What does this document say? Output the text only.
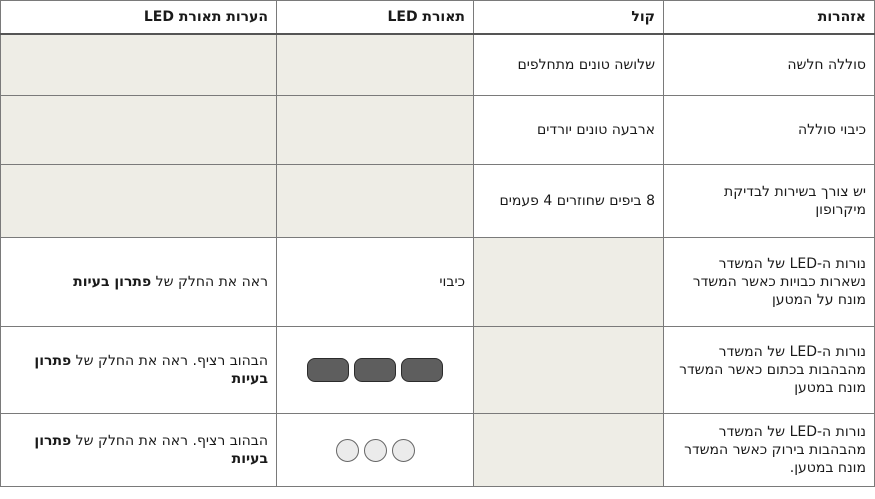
אזהרות	קול	תאורת LED	הערות תאורת LED
סוללה חלשה	שלושה טונים מתחלפים		
כיבוי סוללה	ארבעה טונים יורדים		
יש צורך בשירות לבדיקת מיקרופון	8 ביפים שחוזרים 4 פעמים		
נורות ה-LED של המשדר נשארות כבויות כאשר המשדר מונח על המטען		כיבוי	ראה את החלק של פתרון בעיות
נורות ה-LED של המשדר מהבהבות בכתום כאשר המשדר מונח במטען			הבהוב רציף. ראה את החלק של פתרון בעיות
נורות ה-LED של המשדר מהבהבות בירוק כאשר המשדר מונח במטען.			הבהוב רציף. ראה את החלק של פתרון בעיות
